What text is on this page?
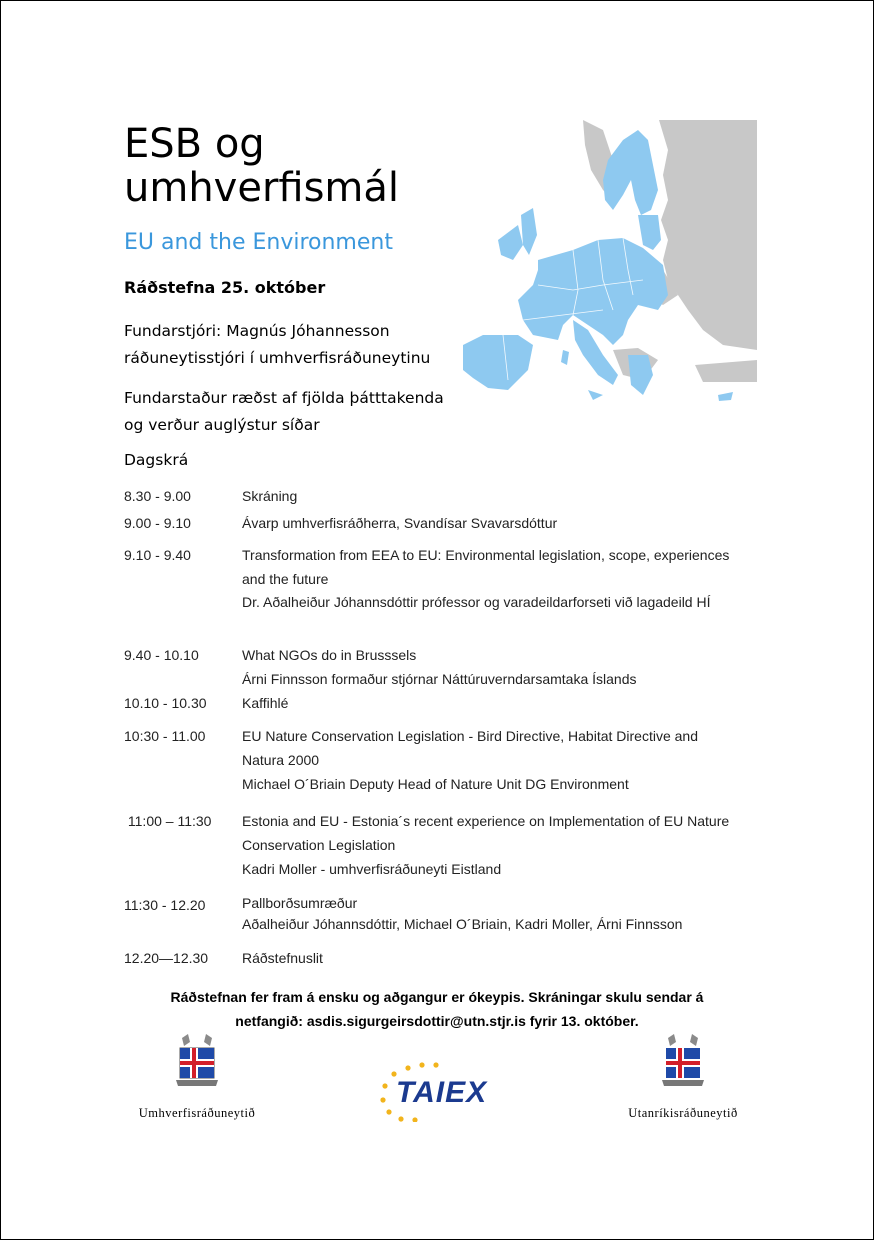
ESB og umhverfismál
EU and the Environment
Ráðstefna 25. október
Fundarstjóri: Magnús Jóhannesson
ráðuneytisstjóri í umhverfisráðuneytinu
Fundarstaður ræðst af fjölda þátttakenda
og verður auglýstur síðar
Dagskrá
8.30 - 9.00	Skráning
9.00 - 9.10	Ávarp umhverfisráðherra, Svandísar Svavarsdóttur
9.10 - 9.40	Transformation from EEA to EU: Environmental legislation, scope, experiences and the future
Dr. Aðalheiður Jóhannsdóttir prófessor og varadeildarforseti við lagadeild HÍ
9.40 - 10.10	What NGOs do in Brusssels
Árni Finnsson formaður stjórnar Náttúruverndarsamtaka Íslands
10.10 - 10.30	Kaffihlé
10:30 - 11.00	EU Nature Conservation Legislation - Bird Directive, Habitat Directive and Natura 2000
Michael O´Briain Deputy Head of Nature Unit DG Environment
11:00 – 11:30	Estonia and EU - Estonia´s recent experience on Implementation of EU Nature Conservation Legislation
Kadri Moller - umhverfisráðuneyti Eistland
11:30 - 12.20	Pallborðsumræður
Aðalheiður Jóhannsdóttir, Michael O´Briain, Kadri Moller, Árni Finnsson
12.20—12.30	Ráðstefnuslit
Ráðstefnan fer fram á ensku og aðgangur er ókeypis. Skráningar skulu sendar á
netfangið: asdis.sigurgeirsdottir@utn.stjr.is fyrir 13. október.
Umhverfisráðuneytið
TAIEX
Utanríkisráðuneytið
